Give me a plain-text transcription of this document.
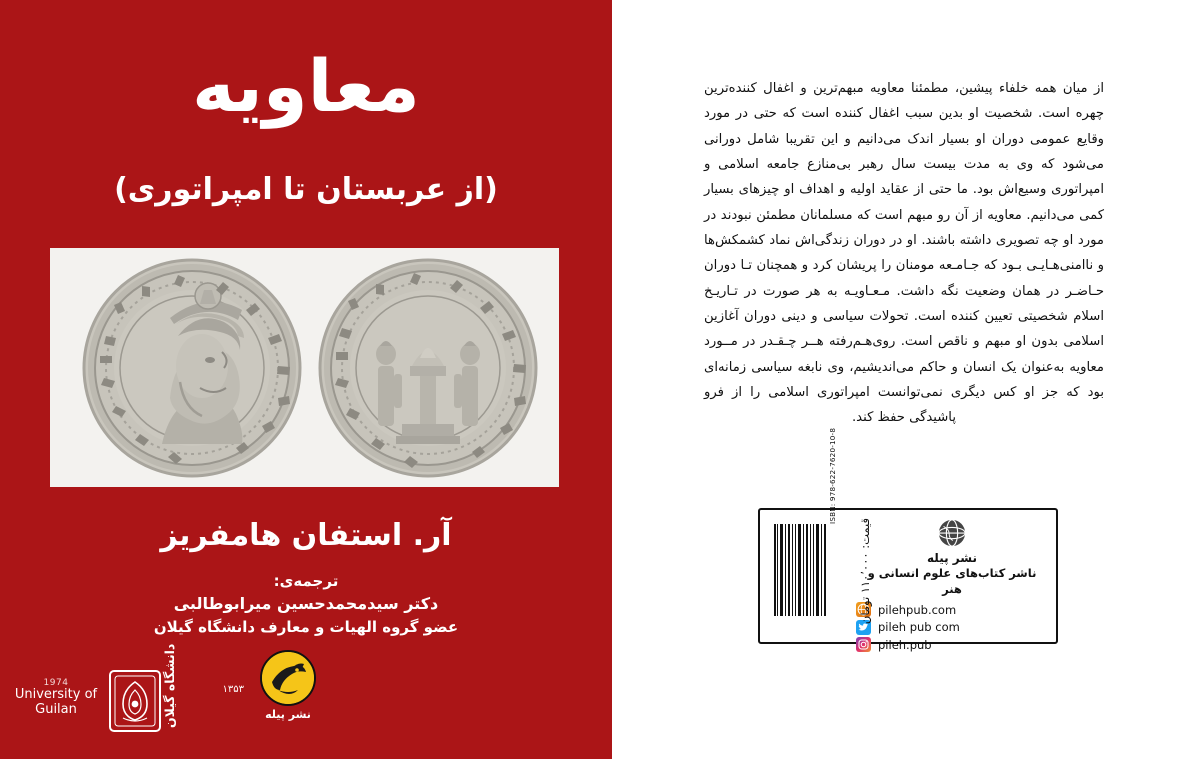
معاویه
(از عربستان تا امپراتوری)
آر. استفان هامفریز
ترجمه‌ی:
دکتر سیدمحمدحسین میرابوطالبی
عضو گروه الهیات و معارف دانشگاه گیلان
نشر پیله
1974
University of Guilan	دانشگاه گیلان	۱۳۵۳
از میان همه خلفاء پیشین، مطمئنا معاویه مبهم‌ترین و اغفال کننده‌ترین چهره است. شخصیت او بدین سبب اغفال کننده است که حتی در مورد وقایع عمومی دوران او بسیار اندک می‌دانیم و این تقریبا شامل دورانی می‌شود که وی به مدت بیست سال رهبر بی‌منازع جامعه اسلامی و امپراتوری وسیع‌اش بود. ما حتی از عقاید اولیه و اهداف او چیزهای بسیار کمی می‌دانیم. معاویه از آن رو مبهم است که مسلمانان مطمئن نبودند در مورد او چه تصویری داشته باشند. او در دوران زندگی‌اش نماد کشمکش‌ها و ناامنی‌هـایـی بـود که جـامـعه مومنان را پریشان کرد و همچنان تـا دوران حـاضـر در همان وضعیت نگه داشت. مـعـاویـه به هر صورت در تـاریـخ اسلام شخصیتی تعیین کننده است. تحولات سیاسی و دینی دوران آغازین اسلامی بدون او مبهم و ناقص است. روی‌هـم‌رفته هــر چـقـدر در مــورد معاویه به‌عنوان یک انسان و حاکم می‌اندیشیم، وی نابغه سیاسی زمانه‌ای بود که جز او کس دیگری نمی‌توانست امپراتوری اسلامی را از فرو پاشیدگی حفظ کند.
نشر پیله
ناشر کتاب‌های علوم انسانی و هنر
pilehpub.com
pileh pub com
pileh.pub
ISBN: 978-622-7620-10-8
قیمت: ۱۱۰٬۰۰۰ تومان
